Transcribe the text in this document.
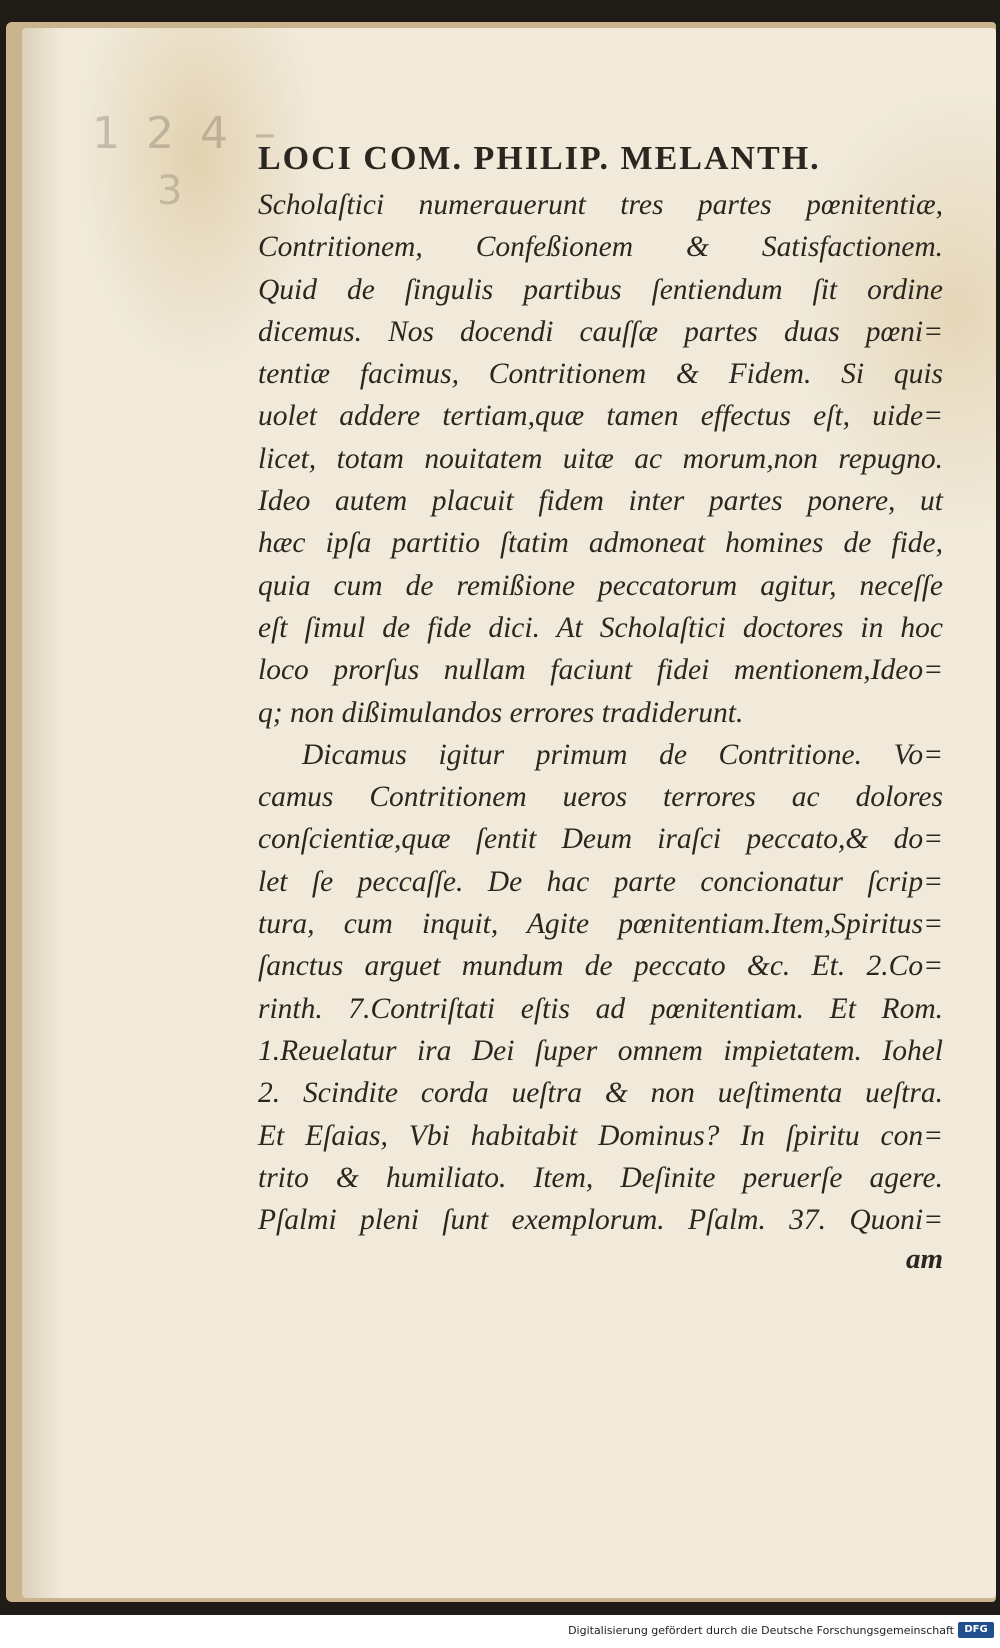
1 2 4 –
3
LOCI COM. PHILIP. MELANTH.
Scholaſtici numerauerunt tres partes pœnitentiæ,
Contritionem, Confeßionem & Satisfactionem.
Quid de ſingulis partibus ſentiendum ſit ordine
dicemus. Nos docendi cauſſæ partes duas pœni=
tentiæ facimus, Contritionem & Fidem. Si quis
uolet addere tertiam,quæ tamen effectus eſt, uide=
licet, totam nouitatem uitæ ac morum,non repugno.
Ideo autem placuit fidem inter partes ponere, ut
hæc ipſa partitio ſtatim admoneat homines de fide,
quia cum de remißione peccatorum agitur, neceſſe
eſt ſimul de fide dici. At Scholaſtici doctores in hoc
loco prorſus nullam faciunt fidei mentionem,Ideo=
q; non dißimulandos errores tradiderunt.
Dicamus igitur primum de Contritione. Vo=
camus Contritionem ueros terrores ac dolores
conſcientiæ,quæ ſentit Deum iraſci peccato,& do=
let ſe peccaſſe. De hac parte concionatur ſcrip=
tura, cum inquit, Agite pœnitentiam.Item,Spiritus=
ſanctus arguet mundum de peccato &c. Et. 2.Co=
rinth. 7.Contriſtati eſtis ad pœnitentiam. Et Rom.
1.Reuelatur ira Dei ſuper omnem impietatem. Iohel
2. Scindite corda ueſtra & non ueſtimenta ueſtra.
Et Eſaias, Vbi habitabit Dominus? In ſpiritu con=
trito & humiliato. Item, Deſinite peruerſe agere.
Pſalmi pleni ſunt exemplorum. Pſalm. 37. Quoni=
am
Digitalisierung gefördert durch die Deutsche Forschungsgemeinschaft	DFG
